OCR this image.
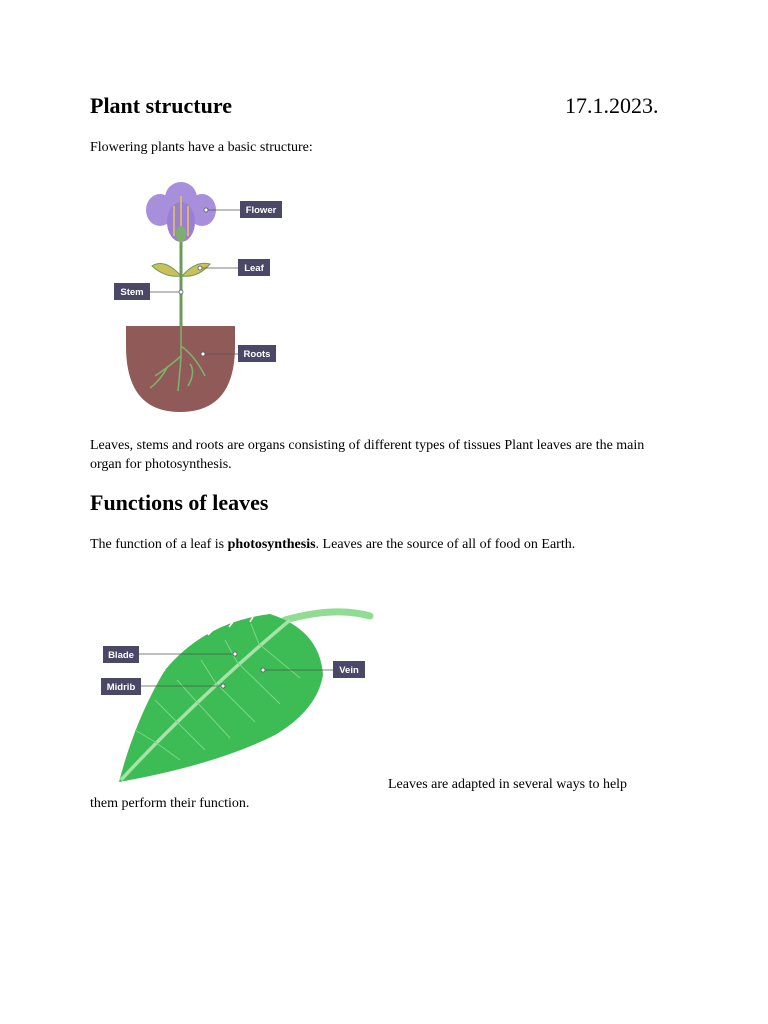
Plant structure	17.1.2023.
Flowering plants have a basic structure:
Flower
Leaf
Stem
Roots
Leaves, stems and roots are organs consisting of different types of tissues Plant leaves are the main organ for photosynthesis.
Functions of leaves
The function of a leaf is photosynthesis. Leaves are the source of all of food on Earth.
Blade
Midrib
Vein
Leaves are adapted in several ways to help
them perform their function.
